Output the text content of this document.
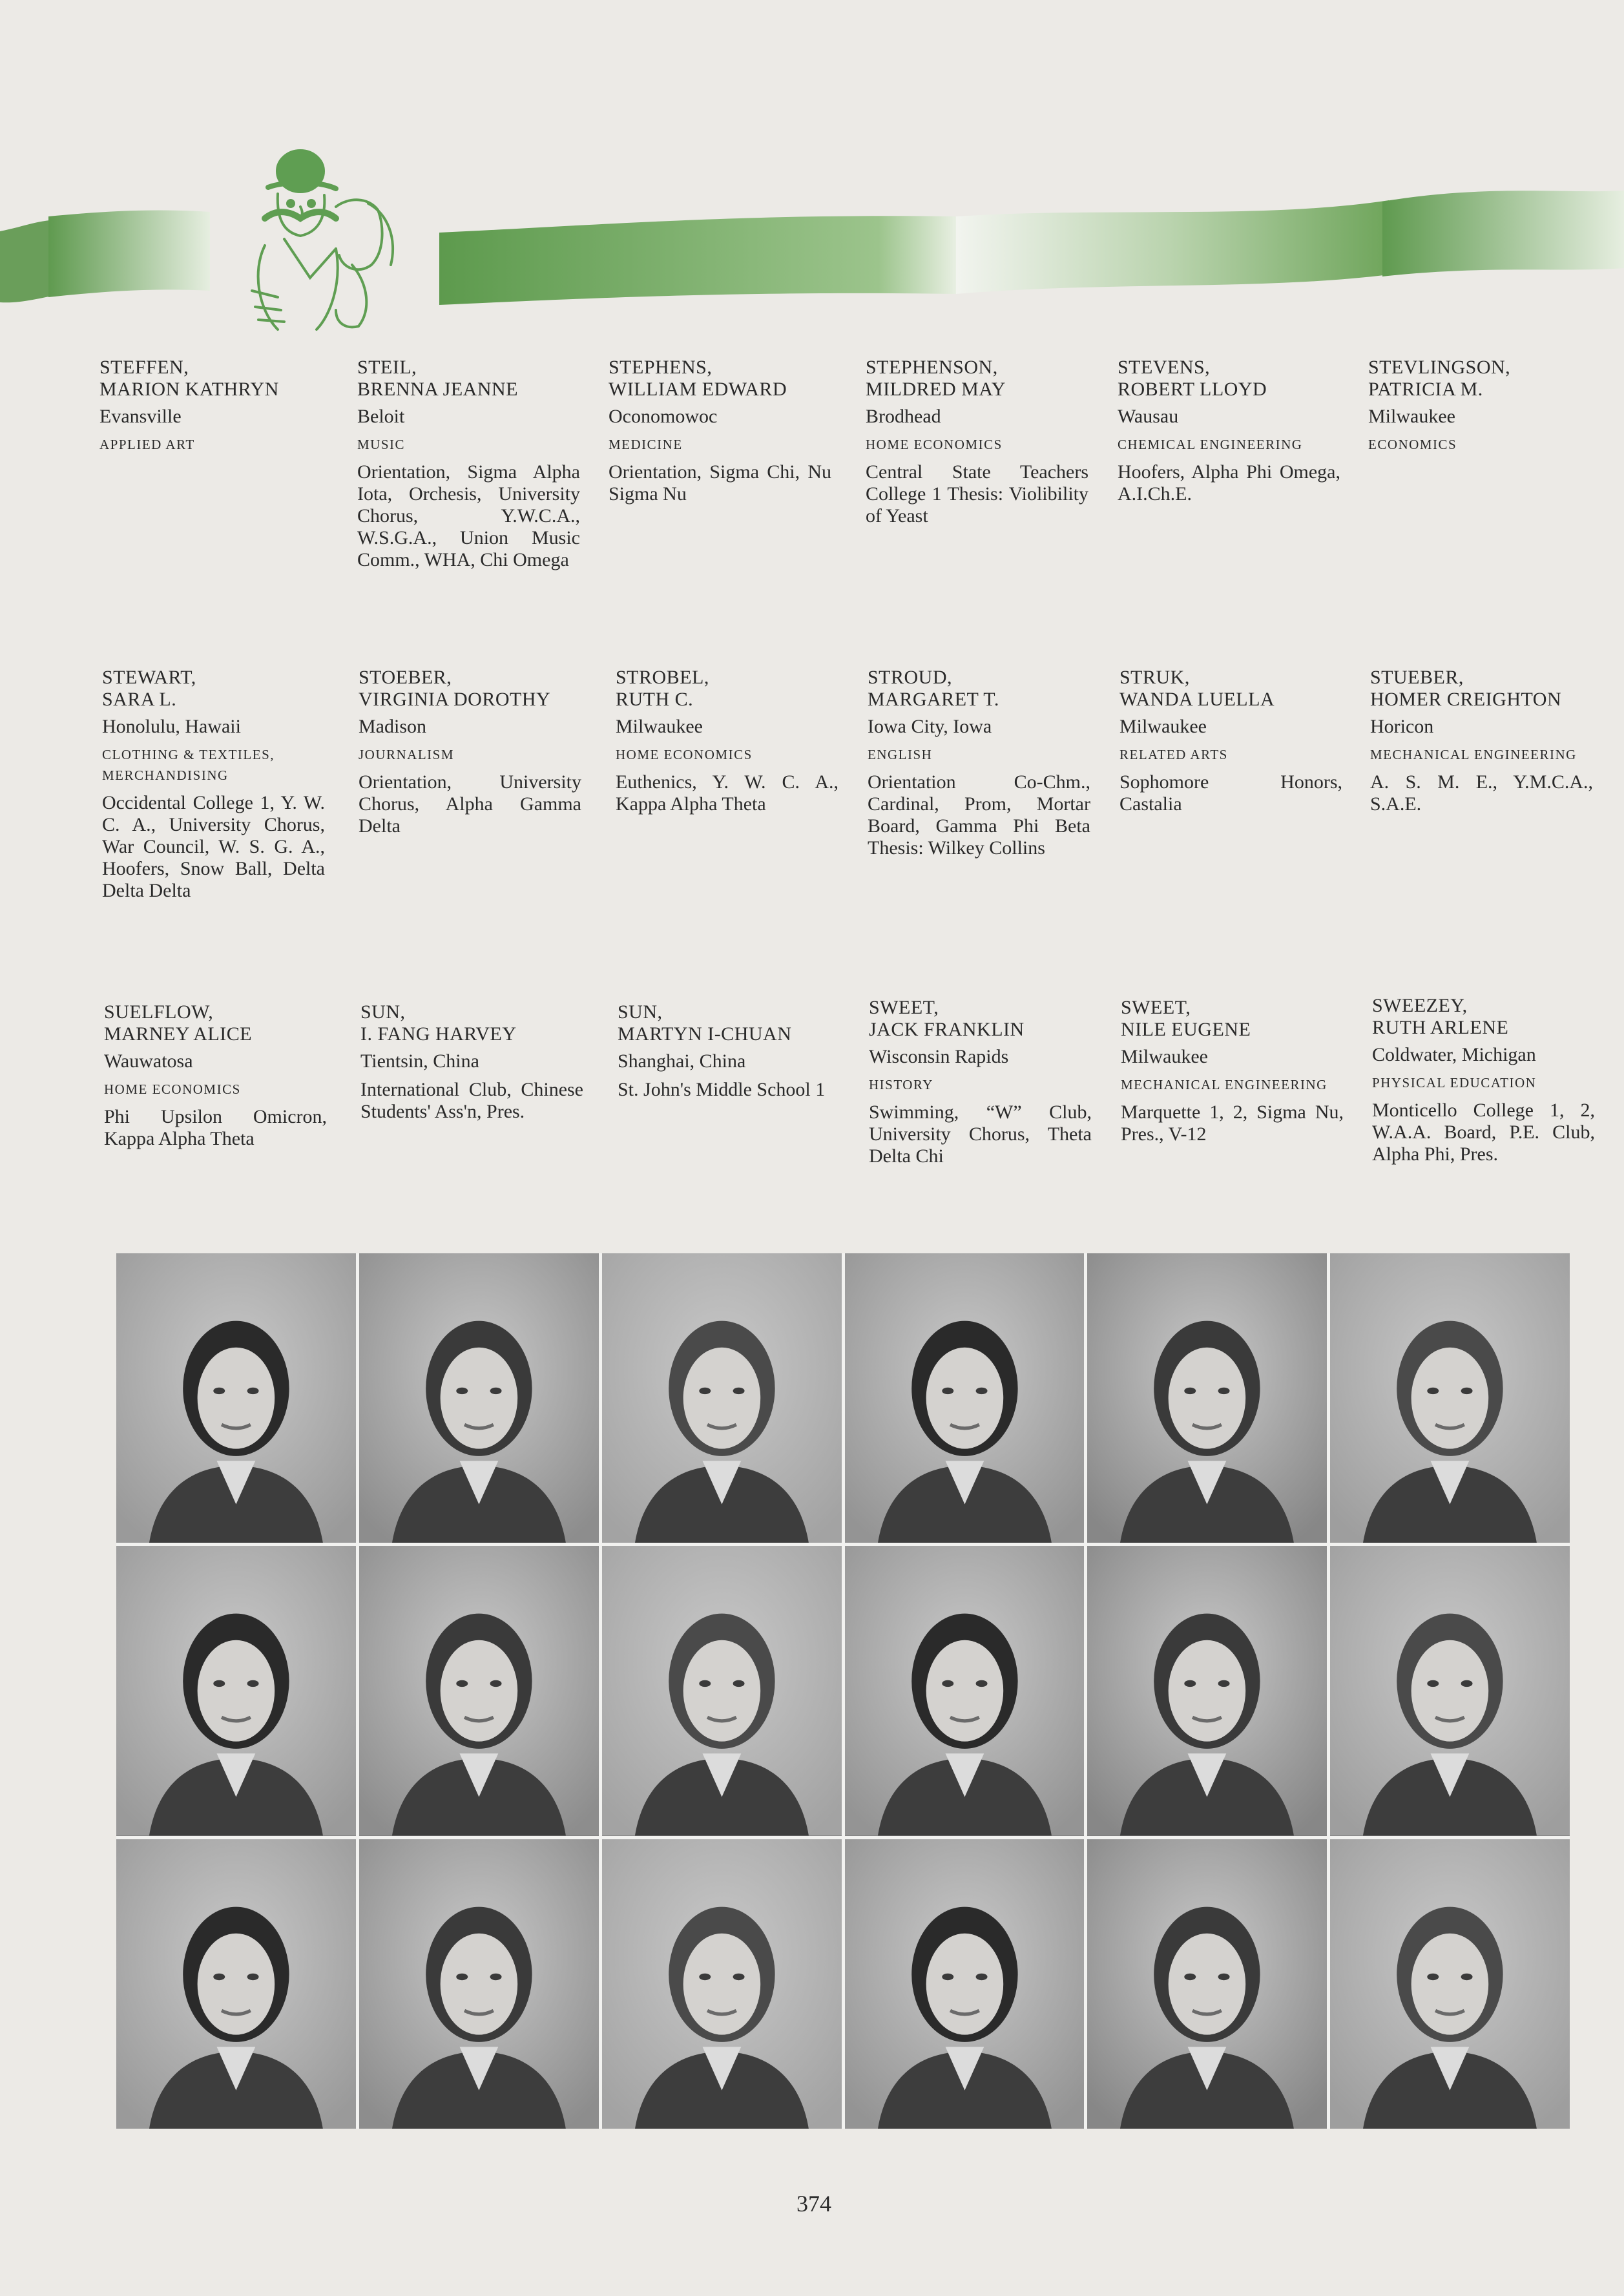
STEFFEN,
MARION KATHRYN
Evansville
APPLIED ART
STEIL,
BRENNA JEANNE
Beloit
MUSIC
Orientation, Sigma Alpha Iota, Orchesis, University Chorus, Y.W.C.A., W.S.G.A., Union Music Comm., WHA, Chi Omega
STEPHENS,
WILLIAM EDWARD
Oconomowoc
MEDICINE
Orientation, Sigma Chi, Nu Sigma Nu
STEPHENSON,
MILDRED MAY
Brodhead
HOME ECONOMICS
Central State Teachers College 1 Thesis: Violibility of Yeast
STEVENS,
ROBERT LLOYD
Wausau
CHEMICAL ENGINEERING
Hoofers, Alpha Phi Omega, A.I.Ch.E.
STEVLINGSON,
PATRICIA M.
Milwaukee
ECONOMICS
STEWART,
SARA L.
Honolulu, Hawaii
CLOTHING & TEXTILES, MERCHANDISING
Occidental College 1, Y. W. C. A., University Chorus, War Council, W. S. G. A., Hoofers, Snow Ball, Delta Delta Delta
STOEBER,
VIRGINIA DOROTHY
Madison
JOURNALISM
Orientation, University Chorus, Alpha Gamma Delta
STROBEL,
RUTH C.
Milwaukee
HOME ECONOMICS
Euthenics, Y. W. C. A., Kappa Alpha Theta
STROUD,
MARGARET T.
Iowa City, Iowa
ENGLISH
Orientation Co-Chm., Cardinal, Prom, Mortar Board, Gamma Phi Beta Thesis: Wilkey Collins
STRUK,
WANDA LUELLA
Milwaukee
RELATED ARTS
Sophomore Honors, Castalia
STUEBER,
HOMER CREIGHTON
Horicon
MECHANICAL ENGINEERING
A. S. M. E., Y.M.C.A., S.A.E.
SUELFLOW,
MARNEY ALICE
Wauwatosa
HOME ECONOMICS
Phi Upsilon Omicron, Kappa Alpha Theta
SUN,
I. FANG HARVEY
Tientsin, China
International Club, Chinese Students' Ass'n, Pres.
SUN,
MARTYN I-CHUAN
Shanghai, China
St. John's Middle School 1
SWEET,
JACK FRANKLIN
Wisconsin Rapids
HISTORY
Swimming, “W” Club, University Chorus, Theta Delta Chi
SWEET,
NILE EUGENE
Milwaukee
MECHANICAL ENGINEERING
Marquette 1, 2, Sigma Nu, Pres., V-12
SWEEZEY,
RUTH ARLENE
Coldwater, Michigan
PHYSICAL EDUCATION
Monticello College 1, 2, W.A.A. Board, P.E. Club, Alpha Phi, Pres.
374
